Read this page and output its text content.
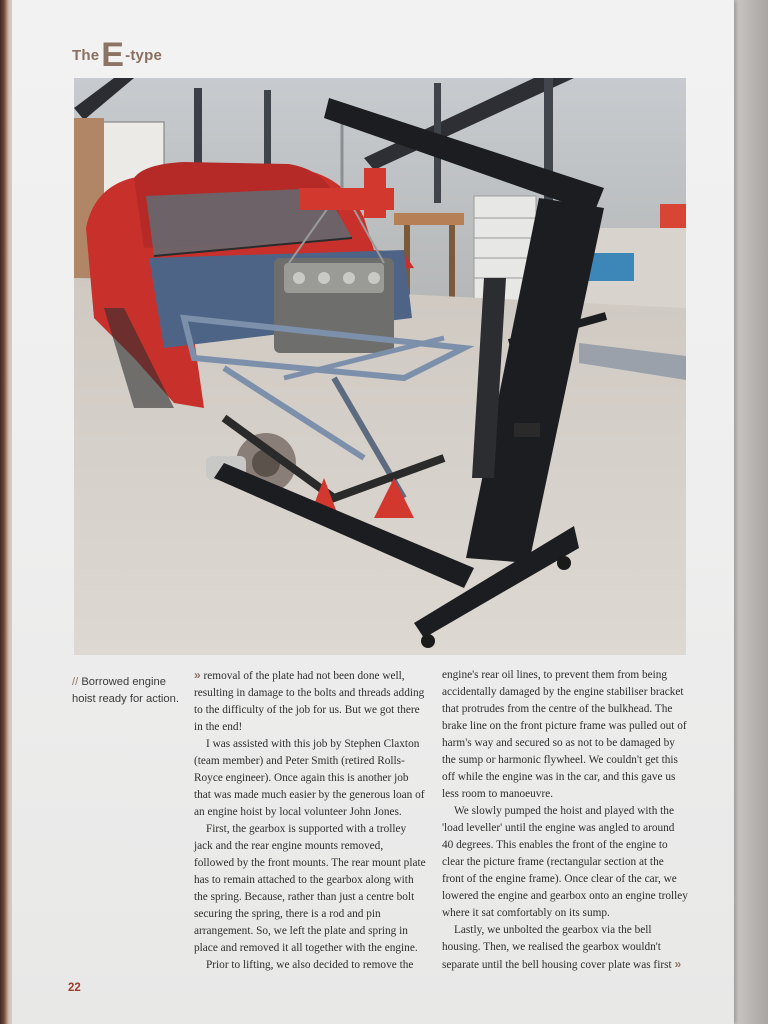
The E -type
// Borrowed engine hoist ready for action.

» removal of the plate had not been done well, resulting in damage to the bolts and threads adding to the difficulty of the job for us. But we got there in the end!

I was assisted with this job by Stephen Claxton (team member) and Peter Smith (retired Rolls-Royce engineer). Once again this is another job that was made much easier by the generous loan of an engine hoist by local volunteer John Jones.

First, the gearbox is supported with a trolley jack and the rear engine mounts removed, followed by the front mounts. The rear mount plate has to remain attached to the gearbox along with the spring. Because, rather than just a centre bolt securing the spring, there is a rod and pin arrangement. So, we left the plate and spring in place and removed it all together with the engine.

Prior to lifting, we also decided to remove the

engine's rear oil lines, to prevent them from being accidentally damaged by the engine stabiliser bracket that protrudes from the centre of the bulkhead. The brake line on the front picture frame was pulled out of harm's way and secured so as not to be damaged by the sump or harmonic flywheel. We couldn't get this off while the engine was in the car, and this gave us less room to manoeuvre.

We slowly pumped the hoist and played with the 'load leveller' until the engine was angled to around 40 degrees. This enables the front of the engine to clear the picture frame (rectangular section at the front of the engine frame). Once clear of the car, we lowered the engine and gearbox onto an engine trolley where it sat comfortably on its sump.

Lastly, we unbolted the gearbox via the bell housing. Then, we realised the gearbox wouldn't separate until the bell housing cover plate was first »

22
